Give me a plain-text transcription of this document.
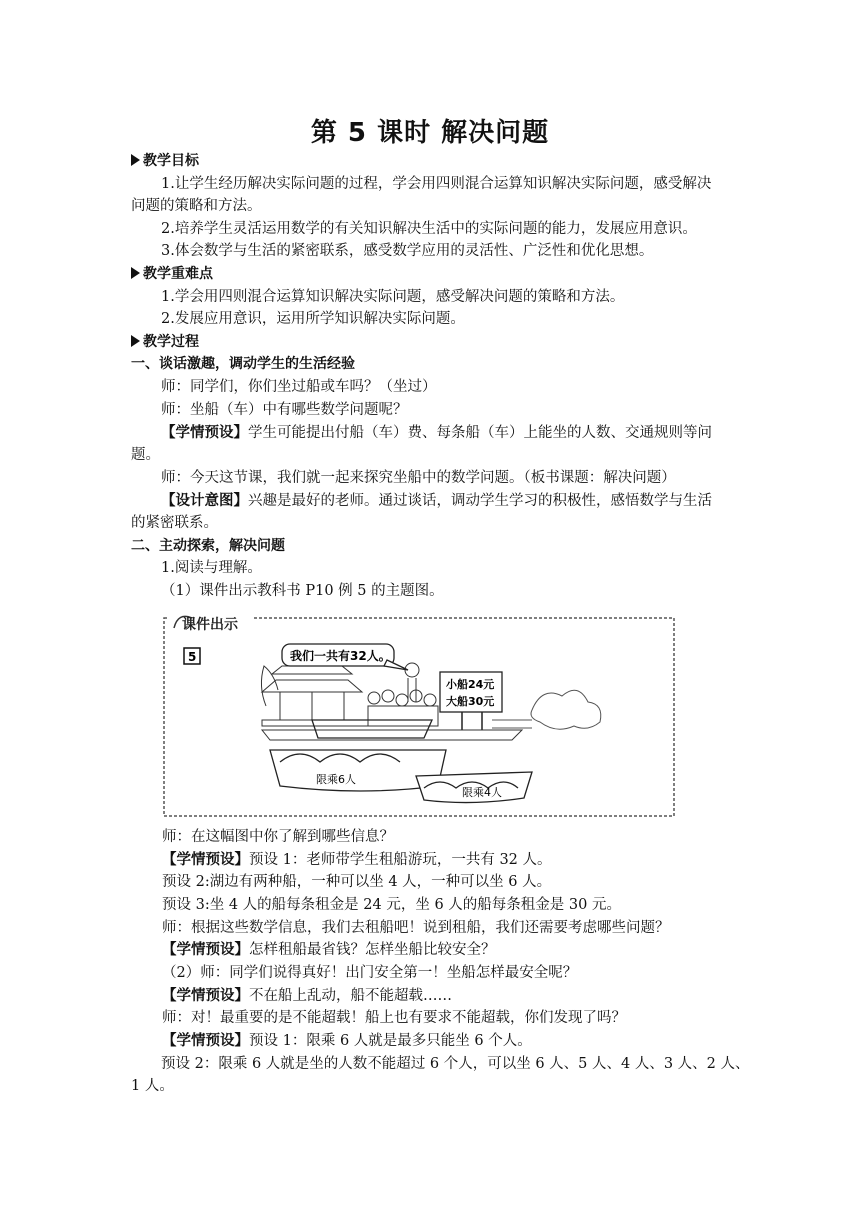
第 5 课时 解决问题
教学目标
1.让学生经历解决实际问题的过程，学会用四则混合运算知识解决实际问题，感受解决
问题的策略和方法。
2.培养学生灵活运用数学的有关知识解决生活中的实际问题的能力，发展应用意识。
3.体会数学与生活的紧密联系，感受数学应用的灵活性、广泛性和优化思想。
教学重难点
1.学会用四则混合运算知识解决实际问题，感受解决问题的策略和方法。
2.发展应用意识，运用所学知识解决实际问题。
教学过程
一、谈话激趣，调动学生的生活经验
师：同学们，你们坐过船或车吗？（坐过）
师：坐船（车）中有哪些数学问题呢？
【学情预设】学生可能提出付船（车）费、每条船（车）上能坐的人数、交通规则等问
题。
师：今天这节课，我们就一起来探究坐船中的数学问题。（板书课题：解决问题）
【设计意图】兴趣是最好的老师。通过谈话，调动学生学习的积极性，感悟数学与生活
的紧密联系。
二、主动探索，解决问题
1.阅读与理解。
（1）课件出示教科书 P10 例 5 的主题图。
课件出示
5	我们一共有32人。
小船24元
大船30元
限乘6人
限乘4人
师：在这幅图中你了解到哪些信息？
【学情预设】预设 1：老师带学生租船游玩，一共有 32 人。
预设 2:湖边有两种船，一种可以坐 4 人，一种可以坐 6 人。
预设 3:坐 4 人的船每条租金是 24 元，坐 6 人的船每条租金是 30 元。
师：根据这些数学信息，我们去租船吧！说到租船，我们还需要考虑哪些问题？
【学情预设】怎样租船最省钱？怎样坐船比较安全？
（2）师：同学们说得真好！出门安全第一！坐船怎样最安全呢？
【学情预设】不在船上乱动，船不能超载……
师：对！最重要的是不能超载！船上也有要求不能超载，你们发现了吗？
【学情预设】预设 1：限乘 6 人就是最多只能坐 6 个人。
预设 2：限乘 6 人就是坐的人数不能超过 6 个人，可以坐 6 人、5 人、4 人、3 人、2 人、
1 人。
